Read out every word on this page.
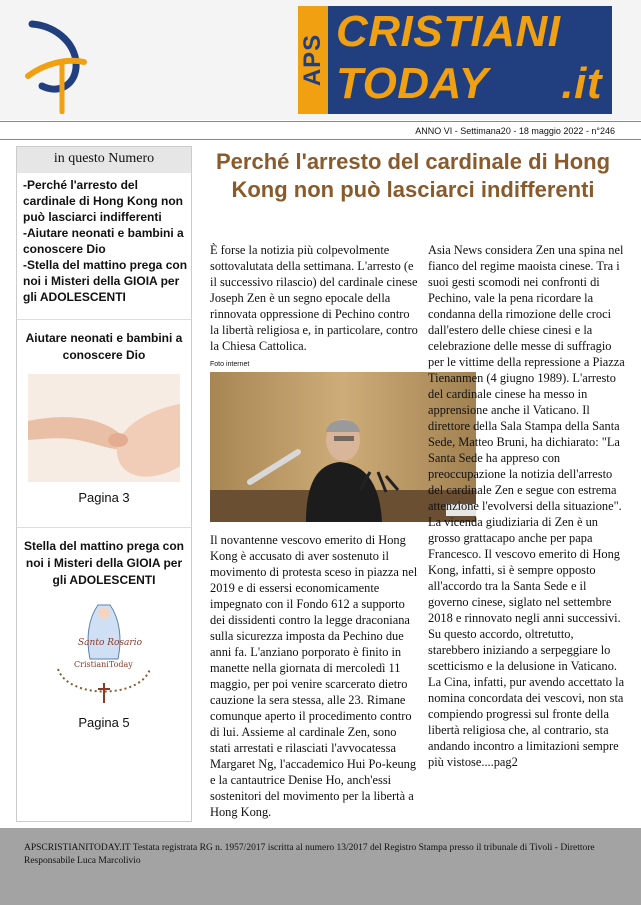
APS
CRISTIANI
TODAY .it
ANNO VI - Settimana20 - 18 maggio 2022 - n°246
in questo Numero
-Perché l'arresto del cardinale di Hong Kong non può lasciarci indifferenti
-Aiutare neonati e bambini a conoscere Dio
-Stella del mattino prega con noi i Misteri della GIOIA per gli ADOLESCENTI
Aiutare neonati e bambini a conoscere Dio
Pagina 3
Stella del mattino prega con noi i Misteri della GIOIA per gli ADOLESCENTI
Santo Rosario
CristianiToday
Pagina 5
Perché l'arresto del cardinale di Hong Kong non può lasciarci indifferenti

È forse la notizia più colpevolmente sottovalutata della settimana. L'arresto (e il successivo rilascio) del cardinale cinese Joseph Zen è un segno epocale della rinnovata oppressione di Pechino contro la libertà religiosa e, in particolare, contro la Chiesa Cattolica.

Foto internet

Il novantenne vescovo emerito di Hong Kong è accusato di aver sostenuto il movimento di protesta sceso in piazza nel 2019 e di essersi economicamente impegnato con il Fondo 612 a supporto dei dissidenti contro la legge draconiana sulla sicurezza imposta da Pechino due anni fa. L'anziano porporato è finito in manette nella giornata di mercoledì 11 maggio, per poi venire scarcerato dietro cauzione la sera stessa, alle 23. Rimane comunque aperto il procedimento contro di lui. Assieme al cardinale Zen, sono stati arrestati e rilasciati l'avvocatessa Margaret Ng, l'accademico Hui Po-keung e la cantautrice Denise Ho, anch'essi sostenitori del movimento per la libertà a Hong Kong.

Asia News considera Zen una spina nel fianco del regime maoista cinese. Tra i suoi gesti scomodi nei confronti di Pechino, vale la pena ricordare la condanna della rimozione delle croci dall'estero delle chiese cinesi e la celebrazione delle messe di suffragio per le vittime della repressione a Piazza Tienanmen (4 giugno 1989). L'arresto del cardinale cinese ha messo in apprensione anche il Vaticano. Il direttore della Sala Stampa della Santa Sede, Matteo Bruni, ha dichiarato: "La Santa Sede ha appreso con preoccupazione la notizia dell'arresto del cardinale Zen e segue con estrema attenzione l'evolversi della situazione". La vicenda giudiziaria di Zen è un grosso grattacapo anche per papa Francesco. Il vescovo emerito di Hong Kong, infatti, si è sempre opposto all'accordo tra la Santa Sede e il governo cinese, siglato nel settembre 2018 e rinnovato negli anni successivi. Su questo accordo, oltretutto, starebbero iniziando a serpeggiare lo scetticismo e la delusione in Vaticano. La Cina, infatti, pur avendo accettato la nomina concordata dei vescovi, non sta compiendo progressi sul fronte della libertà religiosa che, al contrario, sta andando incontro a limitazioni sempre più vistose....pag2

APSCRISTIANITODAY.IT Testata registrata RG n. 1957/2017 iscritta al numero 13/2017 del Registro Stampa presso il tribunale di Tivoli - Direttore Responsabile Luca Marcolivio
